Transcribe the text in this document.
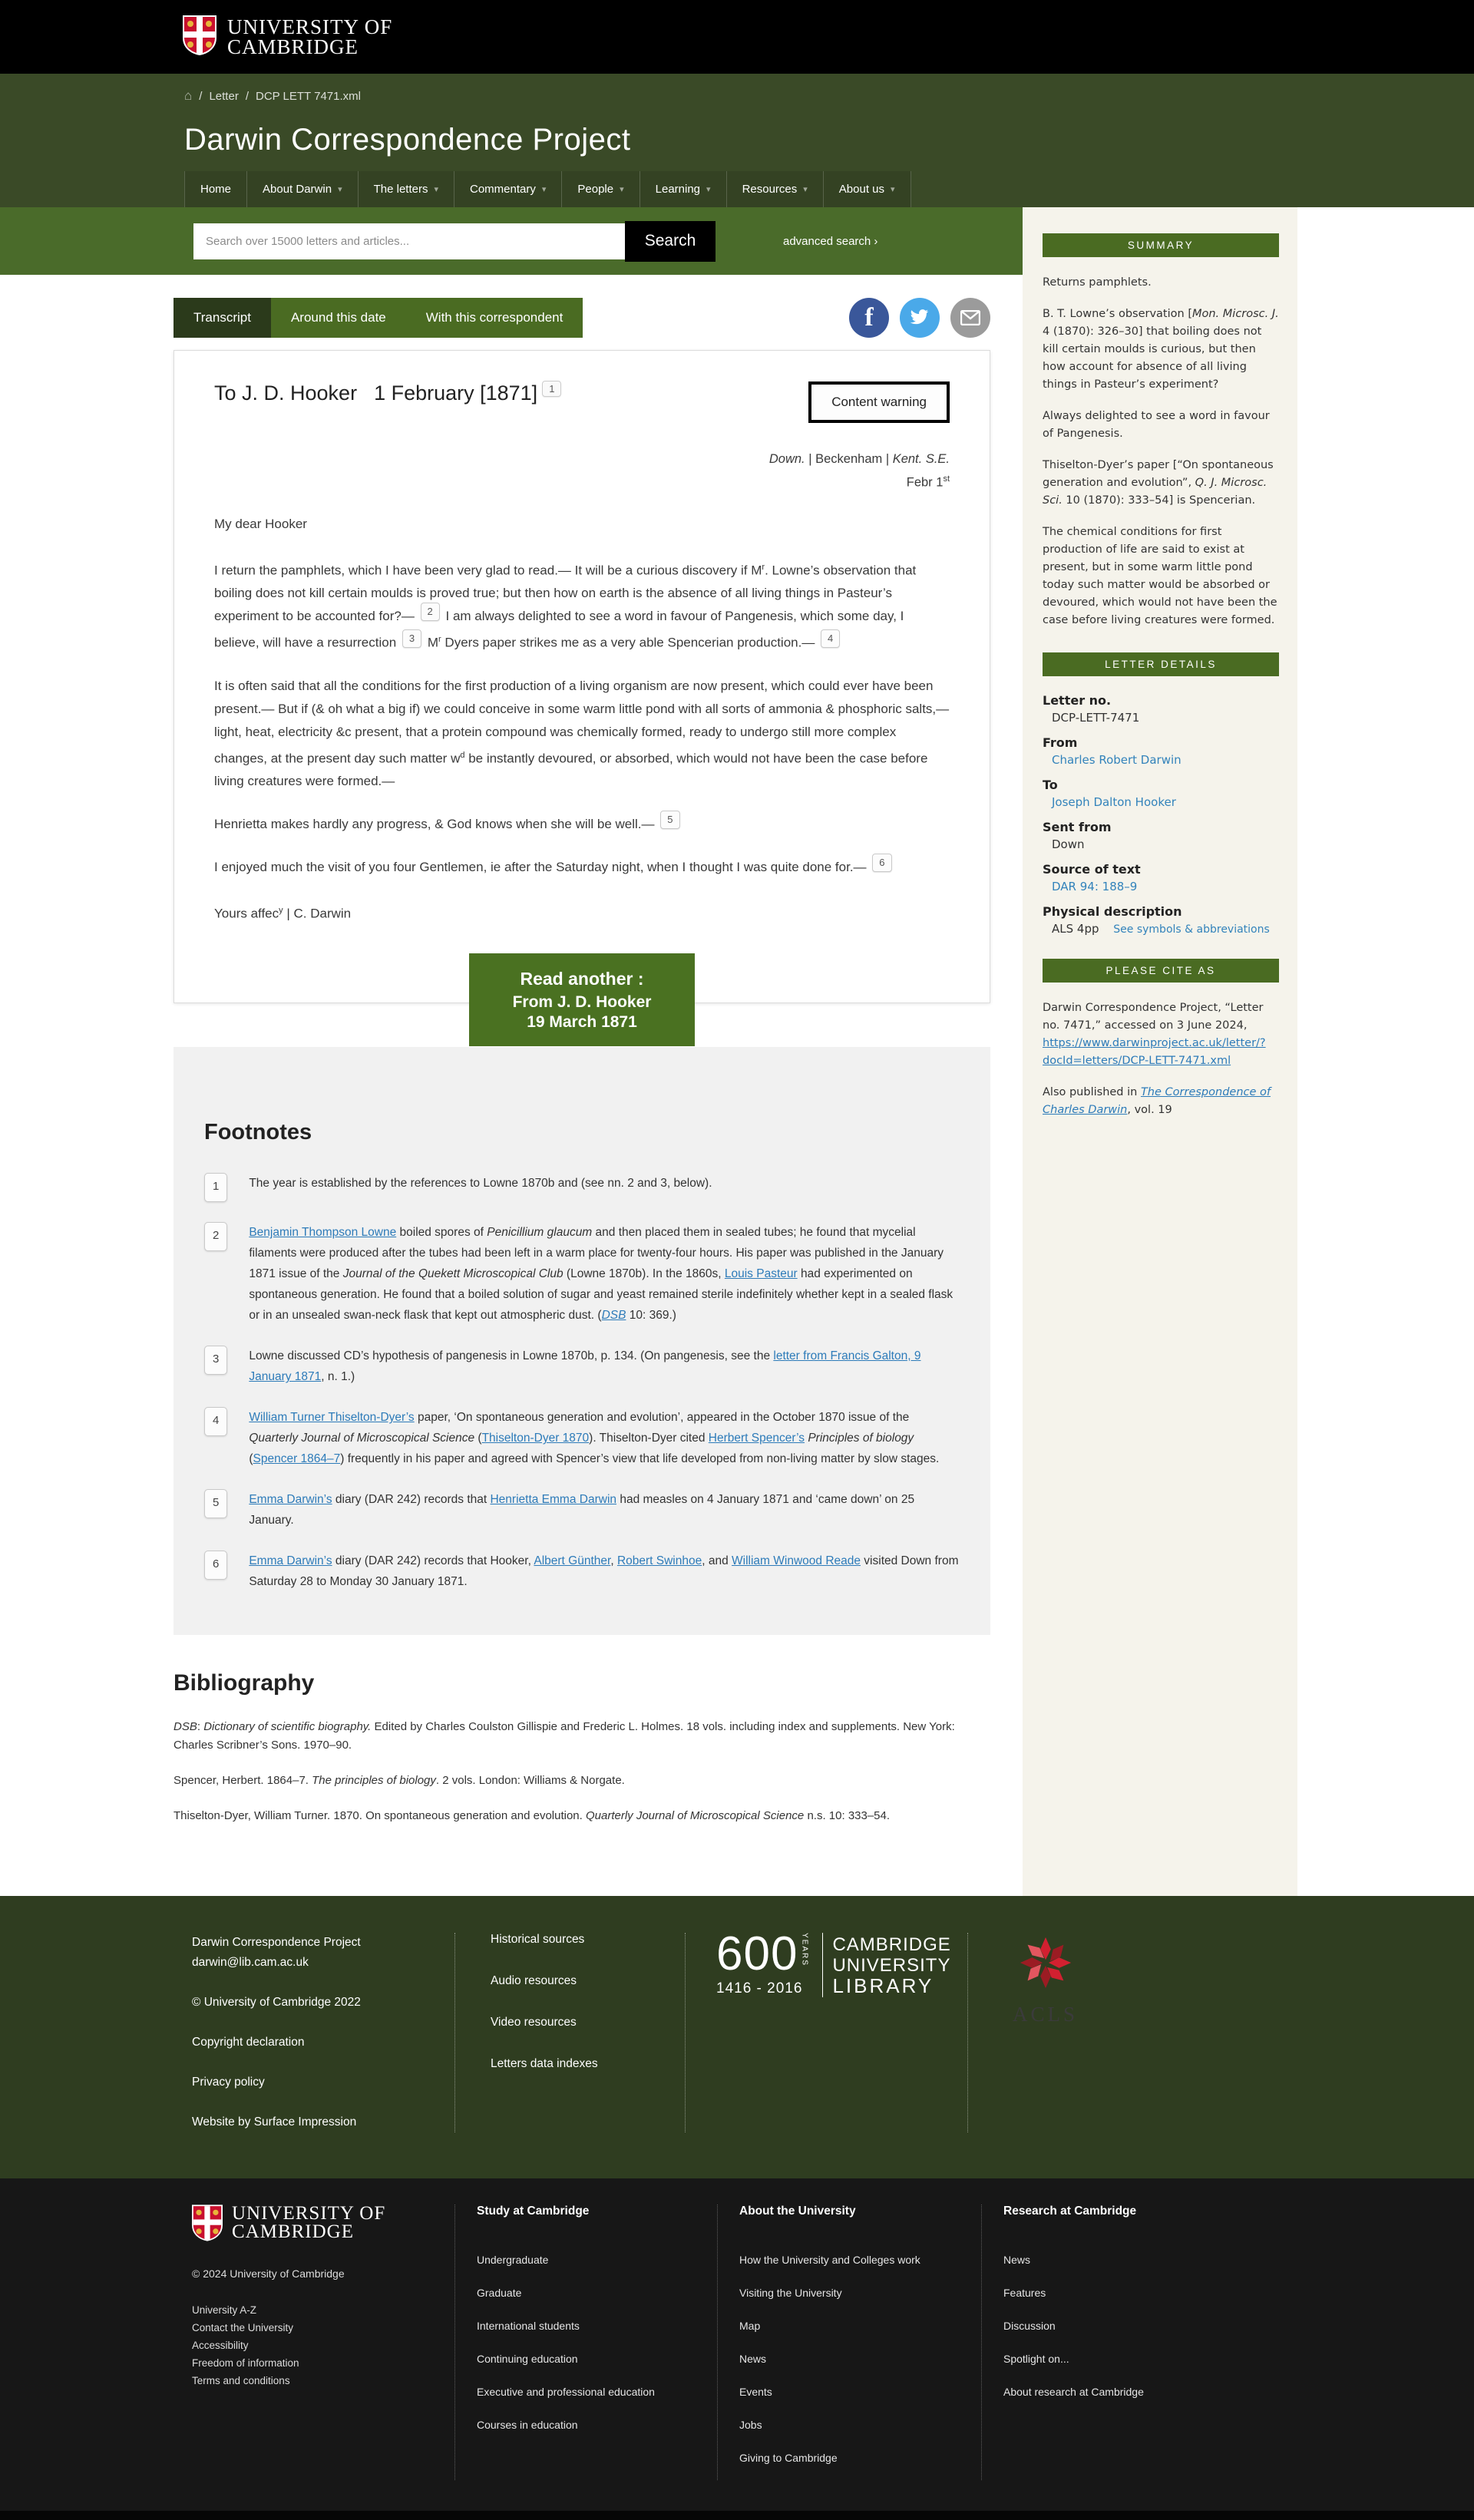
UNIVERSITY OF
CAMBRIDGE
⌂ / Letter / DCP LETT 7471.xml
Darwin Correspondence Project
Home	About Darwin ▾	The letters ▾	Commentary ▾	People ▾	Learning ▾	Resources ▾	About us ▾
Search over 15000 letters and articles...
Search	advanced search ›
Transcript	Around this date	With this correspondent	f
To J. D. Hooker 1 February [1871] 1
Content warning
Down. | Beckenham | Kent. S.E.
Febr 1st

My dear Hooker

I return the pamphlets, which I have been very glad to read.— It will be a curious discovery if $M^r$. Lowne’s observation that boiling does not kill certain moulds is proved true; but then how on earth is the absence of all living things in Pasteur’s experiment to be accounted for?— 2 I am always delighted to see a word in favour of Pangenesis, which some day, I believe, will have a resurrection 3 $M^r$ Dyers paper strikes me as a very able Spencerian production.— 4

It is often said that all the conditions for the first production of a living organism are now present, which could ever have been present.— But if (& oh what a big if) we could conceive in some warm little pond with all sorts of ammonia & phosphoric salts,—light, heat, electricity &c present, that a protein compound was chemically formed, ready to undergo still more complex changes, at the present day such matter $w^d$ be instantly devoured, or absorbed, which would not have been the case before living creatures were formed.—

Henrietta makes hardly any progress, & God knows when she will be well.— 5

I enjoyed much the visit of you four Gentlemen, ie after the Saturday night, when I thought I was quite done for.— 6

Yours affec$^y$ | C. Darwin

Read another :
From J. D. Hooker
19 March 1871
Footnotes
1	The year is established by the references to Lowne 1870b and (see nn. 2 and 3, below).
2	Benjamin Thompson Lowne boiled spores of Penicillium glaucum and then placed them in sealed tubes; he found that mycelial filaments were produced after the tubes had been left in a warm place for twenty-four hours. His paper was published in the January 1871 issue of the Journal of the Quekett Microscopical Club (Lowne 1870b). In the 1860s, Louis Pasteur had experimented on spontaneous generation. He found that a boiled solution of sugar and yeast remained sterile indefinitely whether kept in a sealed flask or in an unsealed swan-neck flask that kept out atmospheric dust. (DSB 10: 369.)
3	Lowne discussed CD’s hypothesis of pangenesis in Lowne 1870b, p. 134. (On pangenesis, see the letter from Francis Galton, 9 January 1871, n. 1.)
4	William Turner Thiselton-Dyer’s paper, ‘On spontaneous generation and evolution’, appeared in the October 1870 issue of the Quarterly Journal of Microscopical Science (Thiselton-Dyer 1870). Thiselton-Dyer cited Herbert Spencer’s Principles of biology (Spencer 1864–7) frequently in his paper and agreed with Spencer’s view that life developed from non-living matter by slow stages.
5	Emma Darwin’s diary (DAR 242) records that Henrietta Emma Darwin had measles on 4 January 1871 and ‘came down’ on 25 January.
6	Emma Darwin’s diary (DAR 242) records that Hooker, Albert Günther, Robert Swinhoe, and William Winwood Reade visited Down from Saturday 28 to Monday 30 January 1871.
Bibliography

DSB: Dictionary of scientific biography. Edited by Charles Coulston Gillispie and Frederic L. Holmes. 18 vols. including index and supplements. New York: Charles Scribner’s Sons. 1970–90.

Spencer, Herbert. 1864–7. The principles of biology. 2 vols. London: Williams & Norgate.

Thiselton-Dyer, William Turner. 1870. On spontaneous generation and evolution. Quarterly Journal of Microscopical Science n.s. 10: 333–54.

SUMMARY

Returns pamphlets.

B. T. Lowne’s observation [Mon. Microsc. J. 4 (1870): 326–30] that boiling does not kill certain moulds is curious, but then how account for absence of all living things in Pasteur’s experiment?

Always delighted to see a word in favour of Pangenesis.

Thiselton-Dyer’s paper [“On spontaneous generation and evolution”, Q. J. Microsc. Sci. 10 (1870): 333–54] is Spencerian.

The chemical conditions for first production of life are said to exist at present, but in some warm little pond today such matter would be absorbed or devoured, which would not have been the case before living creatures were formed.

LETTER DETAILS
Letter no.
DCP-LETT-7471
From
Charles Robert Darwin
To
Joseph Dalton Hooker
Sent from
Down
Source of text
DAR 94: 188–9
Physical description
ALS 4pp See symbols & abbreviations
PLEASE CITE AS

Darwin Correspondence Project, “Letter no. 7471,” accessed on 3 June 2024, https://www.darwinproject.ac.uk/letter/?docId=letters/DCP-LETT-7471.xml

Also published in The Correspondence of Charles Darwin, vol. 19

Darwin Correspondence Project
darwin@lib.cam.ac.uk
© University of Cambridge 2022
Copyright declaration
Privacy policy
Website by Surface Impression
Historical sources
Audio resources
Video resources
Letters data indexes
600 YEARS
1416 - 2016
CAMBRIDGE
UNIVERSITY
LIBRARY
ACLS
UNIVERSITY OF
CAMBRIDGE
© 2024 University of Cambridge
University A-Z
Contact the University
Accessibility
Freedom of information
Terms and conditions
Study at Cambridge
Undergraduate
Graduate
International students
Continuing education
Executive and professional education
Courses in education
About the University
How the University and Colleges work
Visiting the University
Map
News
Events
Jobs
Giving to Cambridge
Research at Cambridge
News
Features
Discussion
Spotlight on...
About research at Cambridge
